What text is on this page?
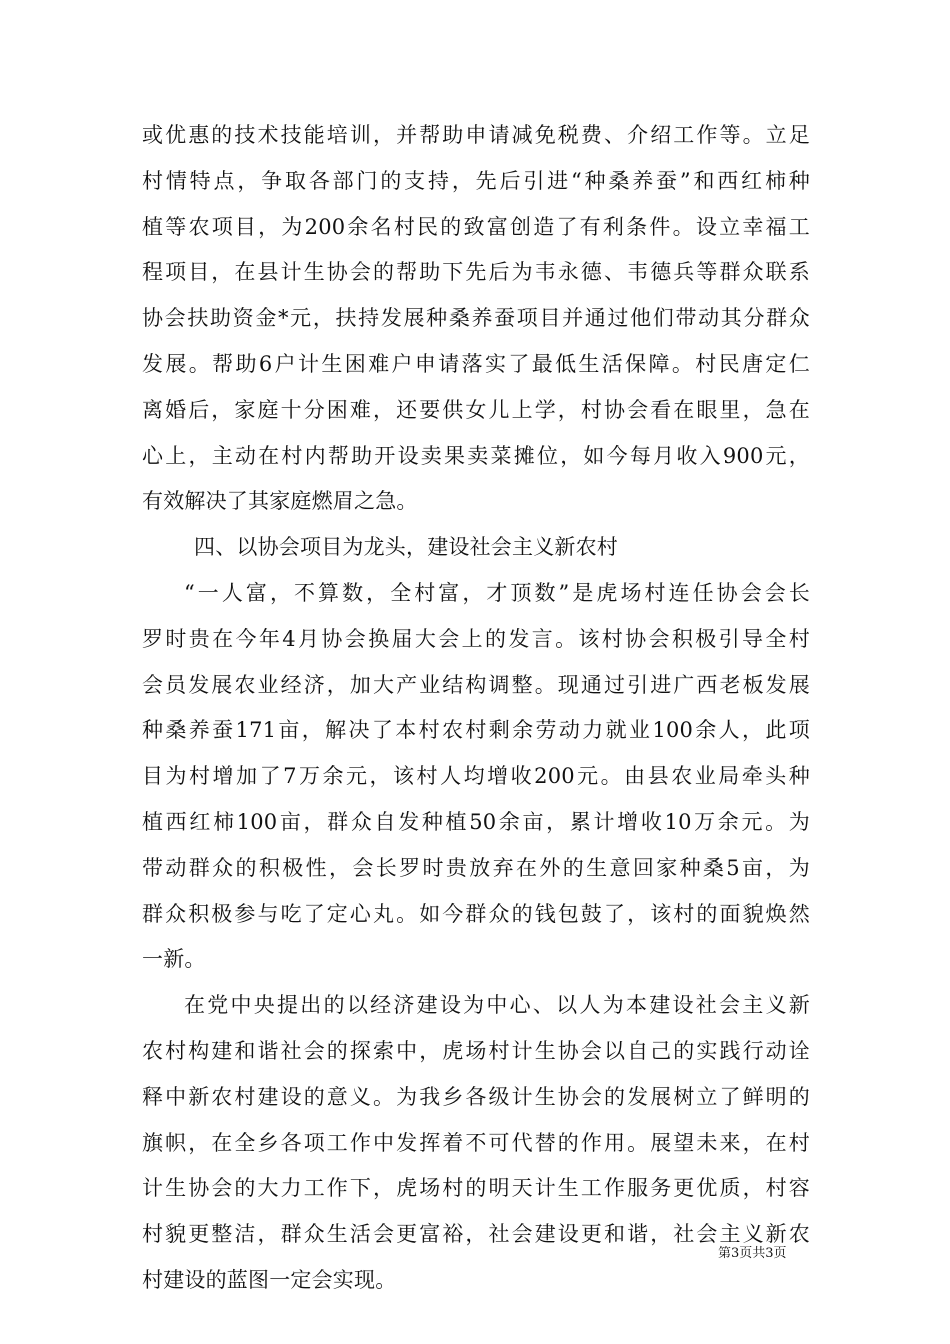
或优惠的技术技能培训，并帮助申请减免税费、介绍工作等。立足
村情特点，争取各部门的支持，先后引进“种桑养蚕”和西红柿种
植等农项目，为200余名村民的致富创造了有利条件。设立幸福工
程项目，在县计生协会的帮助下先后为韦永德、韦德兵等群众联系
协会扶助资金*元，扶持发展种桑养蚕项目并通过他们带动其分群众
发展。帮助6户计生困难户申请落实了最低生活保障。村民唐定仁
离婚后，家庭十分困难，还要供女儿上学，村协会看在眼里，急在
心上，主动在村内帮助开设卖果卖菜摊位，如今每月收入900元，
有效解决了其家庭燃眉之急。
四、以协会项目为龙头，建设社会主义新农村
“一人富，不算数，全村富，才顶数”是虎场村连任协会会长
罗时贵在今年4月协会换届大会上的发言。该村协会积极引导全村
会员发展农业经济，加大产业结构调整。现通过引进广西老板发展
种桑养蚕171亩，解决了本村农村剩余劳动力就业100余人，此项
目为村增加了7万余元，该村人均增收200元。由县农业局牵头种
植西红柿100亩，群众自发种植50余亩，累计增收10万余元。为
带动群众的积极性，会长罗时贵放弃在外的生意回家种桑5亩，为
群众积极参与吃了定心丸。如今群众的钱包鼓了，该村的面貌焕然
一新。
在党中央提出的以经济建设为中心、以人为本建设社会主义新
农村构建和谐社会的探索中，虎场村计生协会以自己的实践行动诠
释中新农村建设的意义。为我乡各级计生协会的发展树立了鲜明的
旗帜，在全乡各项工作中发挥着不可代替的作用。展望未来，在村
计生协会的大力工作下，虎场村的明天计生工作服务更优质，村容
村貌更整洁，群众生活会更富裕，社会建设更和谐，社会主义新农
村建设的蓝图一定会实现。
第3页共3页
